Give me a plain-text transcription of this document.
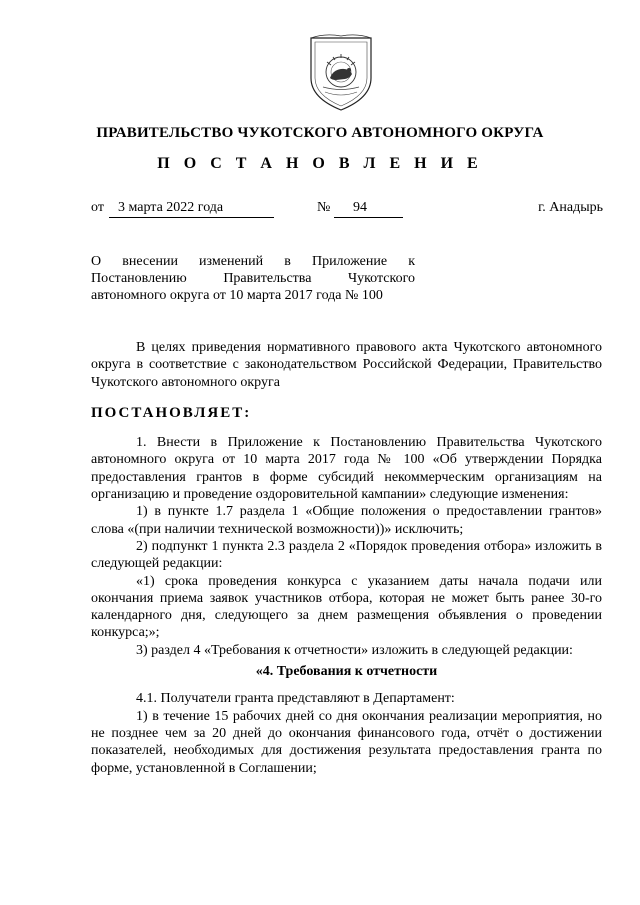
ПРАВИТЕЛЬСТВО ЧУКОТСКОГО АВТОНОМНОГО ОКРУГА
П О С Т А Н О В Л Е Н И Е
от 3 марта 2022 года	№ 94	г. Анадырь
О внесении изменений в Приложение к
Постановлению Правительства Чукотского
автономного округа от 10 марта 2017 года № 100

В целях приведения нормативного правового акта Чукотского автономного округа в соответствие с законодательством Российской Федерации, Правительство Чукотского автономного округа

ПОСТАНОВЛЯЕТ:

1. Внести в Приложение к Постановлению Правительства Чукотского автономного округа от 10 марта 2017 года № 100 «Об утверждении Порядка предоставления грантов в форме субсидий некоммерческим организациям на организацию и проведение оздоровительной кампании» следующие изменения:

1) в пункте 1.7 раздела 1 «Общие положения о предоставлении грантов» слова «(при наличии технической возможности))» исключить;

2) подпункт 1 пункта 2.3 раздела 2 «Порядок проведения отбора» изложить в следующей редакции:

«1) срока проведения конкурса с указанием даты начала подачи или окончания приема заявок участников отбора, которая не может быть ранее 30-го календарного дня, следующего за днем размещения объявления о проведении конкурса;»;

3) раздел 4 «Требования к отчетности» изложить в следующей редакции:

«4. Требования к отчетности

4.1. Получатели гранта представляют в Департамент:

1) в течение 15 рабочих дней со дня окончания реализации мероприятия, но не позднее чем за 20 дней до окончания финансового года, отчёт о достижении показателей, необходимых для достижения результата предоставления гранта по форме, установленной в Соглашении;
